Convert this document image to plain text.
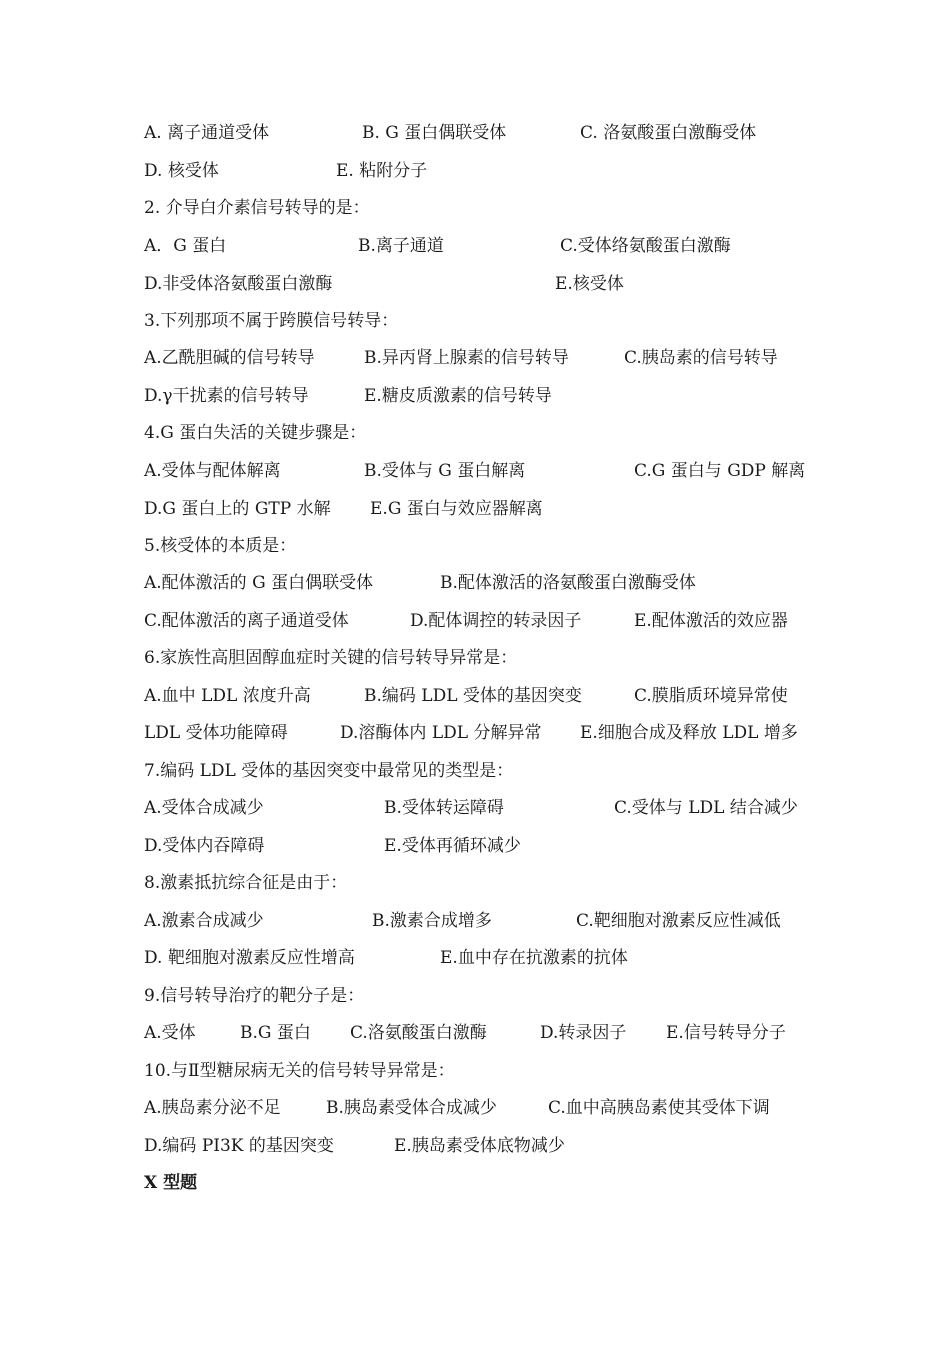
A. 离子通道受体	B. G 蛋白偶联受体	C. 洛氨酸蛋白激酶受体
D. 核受体	E. 粘附分子
2. 介导白介素信号转导的是：
A．G 蛋白	B.离子通道	C.受体络氨酸蛋白激酶
D.非受体洛氨酸蛋白激酶	E.核受体
3.下列那项不属于跨膜信号转导：
A.乙酰胆碱的信号转导	B.异丙肾上腺素的信号转导	C.胰岛素的信号转导
D.γ干扰素的信号转导	E.糖皮质激素的信号转导
4.G 蛋白失活的关键步骤是：
A.受体与配体解离	B.受体与 G 蛋白解离	C.G 蛋白与 GDP 解离
D.G 蛋白上的 GTP 水解 E.G 蛋白与效应器解离
5.核受体的本质是：
A.配体激活的 G 蛋白偶联受体	B.配体激活的洛氨酸蛋白激酶受体
C.配体激活的离子通道受体	D.配体调控的转录因子	E.配体激活的效应器
6.家族性高胆固醇血症时关键的信号转导异常是：
A.血中 LDL 浓度升高	B.编码 LDL 受体的基因突变	C.膜脂质环境异常使
LDL 受体功能障碍	D.溶酶体内 LDL 分解异常 E.细胞合成及释放 LDL 增多
7.编码 LDL 受体的基因突变中最常见的类型是：
A.受体合成减少	B.受体转运障碍	C.受体与 LDL 结合减少
D.受体内吞障碍	E.受体再循环减少
8.激素抵抗综合征是由于：
A.激素合成减少	B.激素合成增多	C.靶细胞对激素反应性减低
D. 靶细胞对激素反应性增高	E.血中存在抗激素的抗体
9.信号转导治疗的靶分子是：
A.受体	B.G 蛋白 C.洛氨酸蛋白激酶	D.转录因子 E.信号转导分子
10.与Ⅱ型糖尿病无关的信号转导异常是：
A.胰岛素分泌不足	B.胰岛素受体合成减少	C.血中高胰岛素使其受体下调
D.编码 PI3K 的基因突变	E.胰岛素受体底物减少
X 型题
